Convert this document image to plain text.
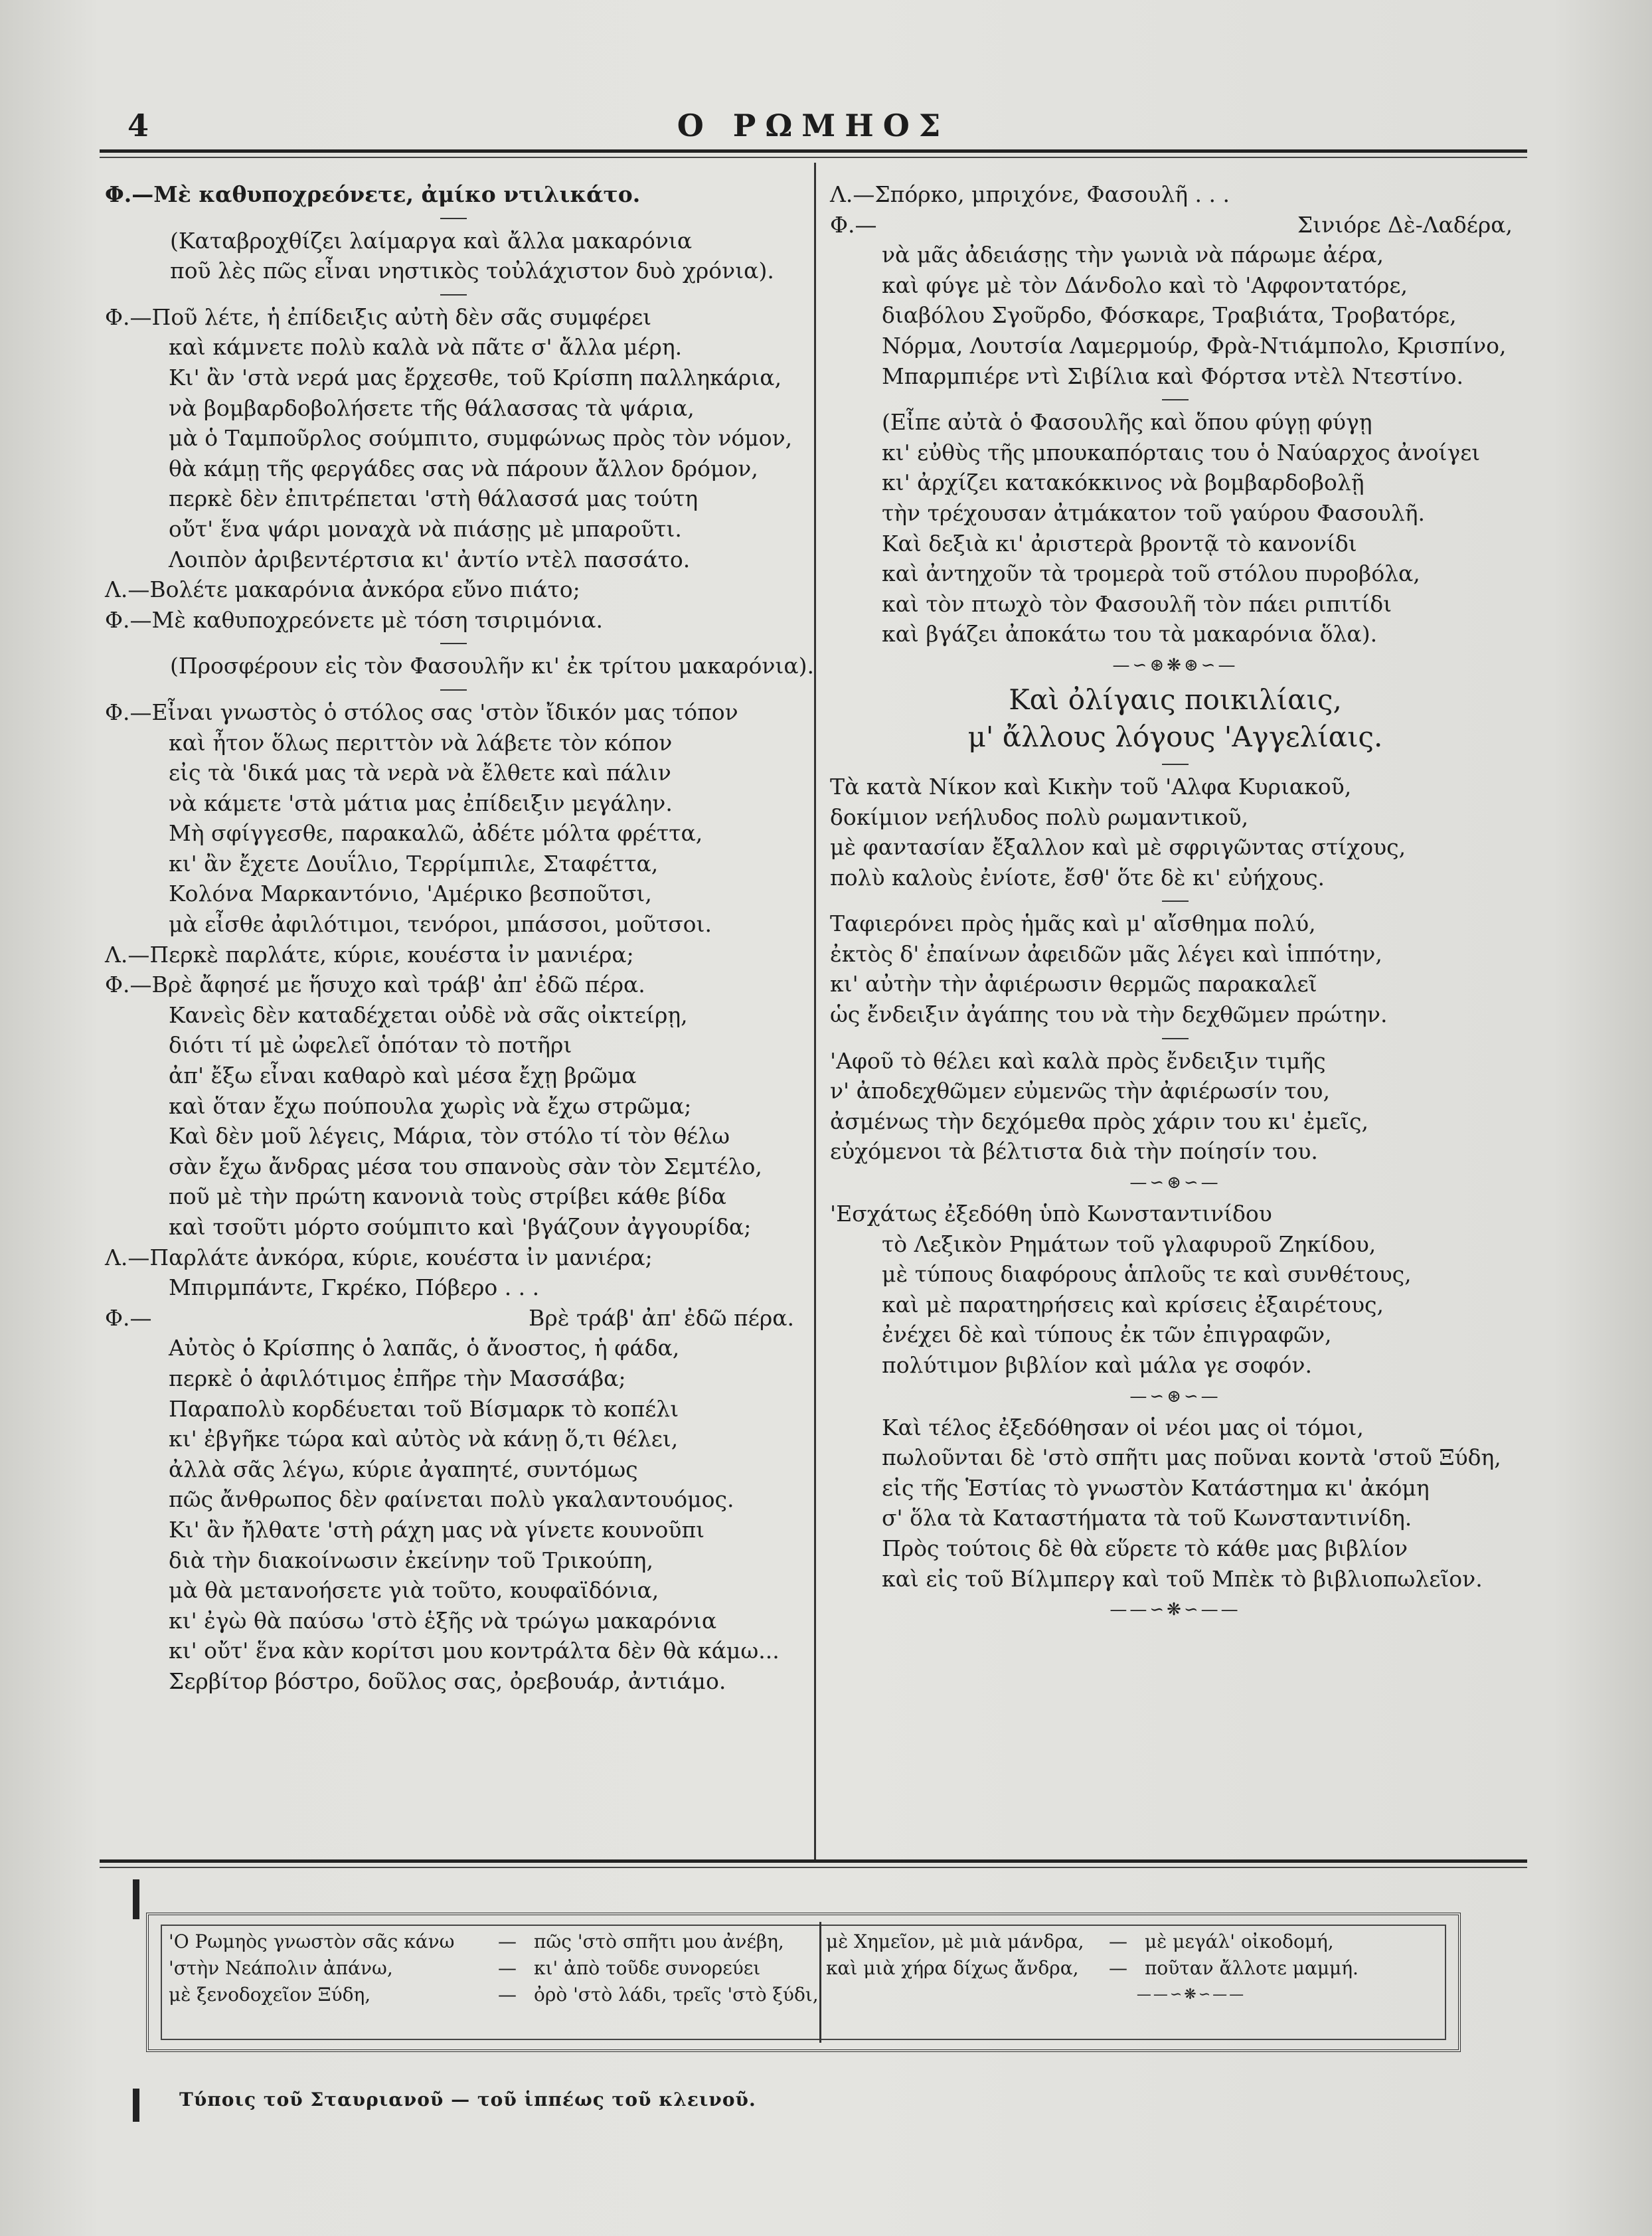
4	Ο ΡΩΜΗΟΣ
Φ.—Μὲ καθυποχρεόνετε, ἀμίκο ντιλικάτο.
(Καταβροχθίζει λαίμαργα καὶ ἄλλα μακαρόνια
ποῦ λὲς πῶς εἶναι νηστικὸς τοὐλάχιστον δυὸ χρόνια).
Φ.—Ποῦ λέτε, ἡ ἐπίδειξις αὐτὴ δὲν σᾶς συμφέρει
καὶ κάμνετε πολὺ καλὰ νὰ πᾶτε σ' ἄλλα μέρη.
Κι' ἂν 'στὰ νερά μας ἔρχεσθε, τοῦ Κρίσπη παλληκάρια,
νὰ βομβαρδοβολήσετε τῆς θάλασσας τὰ ψάρια,
μὰ ὁ Ταμποῦρλος σούμπιτο, συμφώνως πρὸς τὸν νόμον,
θὰ κάμῃ τῆς φεργάδες σας νὰ πάρουν ἄλλον δρόμον,
περκὲ δὲν ἐπιτρέπεται 'στὴ θάλασσά μας τούτη
οὔτ' ἕνα ψάρι μοναχὰ νὰ πιάσῃς μὲ μπαροῦτι.
Λοιπὸν ἀριβεντέρτσια κι' ἀντίο ντὲλ πασσάτο.
Λ.—Βολέτε μακαρόνια ἀνκόρα εὔνο πιάτο;
Φ.—Μὲ καθυποχρεόνετε μὲ τόση τσιριμόνια.
(Προσφέρουν εἰς τὸν Φασουλῆν κι' ἐκ τρίτου μακαρόνια).
Φ.—Εἶναι γνωστὸς ὁ στόλος σας 'στὸν ἴδικόν μας τόπον
καὶ ἦτον ὅλως περιττὸν νὰ λάβετε τὸν κόπον
εἰς τὰ 'δικά μας τὰ νερὰ νὰ ἔλθετε καὶ πάλιν
νὰ κάμετε 'στὰ μάτια μας ἐπίδειξιν μεγάλην.
Μὴ σφίγγεσθε, παρακαλῶ, ἀδέτε μόλτα φρέττα,
κι' ἂν ἔχετε Δουΐλιο, Τερρίμπιλε, Σταφέττα,
Κολόνα Μαρκαντόνιο, 'Αμέρικο βεσποῦτσι,
μὰ εἶσθε ἀφιλότιμοι, τενόροι, μπάσσοι, μοῦτσοι.
Λ.—Περκὲ παρλάτε, κύριε, κουέστα ἰν μανιέρα;
Φ.—Βρὲ ἄφησέ με ἥσυχο καὶ τράβ' ἀπ' ἐδῶ πέρα.
Κανεὶς δὲν καταδέχεται οὐδὲ νὰ σᾶς οἰκτείρῃ,
διότι τί μὲ ὠφελεῖ ὁπόταν τὸ ποτῆρι
ἀπ' ἔξω εἶναι καθαρὸ καὶ μέσα ἔχῃ βρῶμα
καὶ ὅταν ἔχω πούπουλα χωρὶς νὰ ἔχω στρῶμα;
Καὶ δὲν μοῦ λέγεις, Μάρια, τὸν στόλο τί τὸν θέλω
σὰν ἔχω ἄνδρας μέσα του σπανοὺς σὰν τὸν Σεμτέλο,
ποῦ μὲ τὴν πρώτη κανονιὰ τοὺς στρίβει κάθε βίδα
καὶ τσοῦτι μόρτο σούμπιτο καὶ 'βγάζουν ἀγγουρίδα;
Λ.—Παρλάτε ἀνκόρα, κύριε, κουέστα ἰν μανιέρα;
Μπιρμπάντε, Γκρέκο, Πόβερο . . .
Φ.—	Βρὲ τράβ' ἀπ' ἐδῶ πέρα.
Αὐτὸς ὁ Κρίσπης ὁ λαπᾶς, ὁ ἄνοστος, ἡ φάδα,
περκὲ ὁ ἀφιλότιμος ἐπῆρε τὴν Μασσάβα;
Παραπολὺ κορδέυεται τοῦ Βίσμαρκ τὸ κοπέλι
κι' ἐβγῆκε τώρα καὶ αὐτὸς νὰ κάνῃ ὅ,τι θέλει,
ἀλλὰ σᾶς λέγω, κύριε ἀγαπητέ, συντόμως
πῶς ἄνθρωπος δὲν φαίνεται πολὺ γκαλαντουόμος.
Κι' ἂν ἤλθατε 'στὴ ράχη μας νὰ γίνετε κουνοῦπι
διὰ τὴν διακοίνωσιν ἐκείνην τοῦ Τρικούπη,
μὰ θὰ μετανοήσετε γιὰ τοῦτο, κουφαϊδόνια,
κι' ἐγὼ θὰ παύσω 'στὸ ἑξῆς νὰ τρώγω μακαρόνια
κι' οὔτ' ἕνα κὰν κορίτσι μου κοντράλτα δὲν θὰ κάμω...
Σερβίτορ βόστρο, δοῦλος σας, ὀρεβουάρ, ἀντιάμο.
Λ.—Σπόρκο, μπριχόνε, Φασουλῆ . . .
Φ.—	Σινιόρε Δὲ-Λαδέρα,
νὰ μᾶς ἀδειάσῃς τὴν γωνιὰ νὰ πάρωμε ἀέρα,
καὶ φύγε μὲ τὸν Δάνδολο καὶ τὸ 'Αφφοντατόρε,
διαβόλου Σγοῦρδο, Φόσκαρε, Τραβιάτα, Τροβατόρε,
Νόρμα, Λουτσία Λαμερμούρ, Φρὰ-Ντιάμπολο, Κρισπίνο,
Μπαρμπιέρε ντὶ Σιβίλια καὶ Φόρτσα ντὲλ Ντεστίνο.
(Εἶπε αὐτὰ ὁ Φασουλῆς καὶ ὅπου φύγῃ φύγῃ
κι' εὐθὺς τῆς μπουκαπόρταις του ὁ Ναύαρχος ἀνοίγει
κι' ἀρχίζει κατακόκκινος νὰ βομβαρδοβολῇ
τὴν τρέχουσαν ἀτμάκατον τοῦ γαύρου Φασουλῆ.
Καὶ δεξιὰ κι' ἀριστερὰ βροντᾷ τὸ κανονίδι
καὶ ἀντηχοῦν τὰ τρομερὰ τοῦ στόλου πυροβόλα,
καὶ τὸν πτωχὸ τὸν Φασουλῆ τὸν πάει ριπιτίδι
καὶ βγάζει ἀποκάτω του τὰ μακαρόνια ὅλα).
—∽⊛❋⊛∽—
Καὶ ὀλίγαις ποικιλίαις,
μ' ἄλλους λόγους 'Αγγελίαις.
Τὰ κατὰ Νίκον καὶ Κικὴν τοῦ 'Αλφα Κυριακοῦ,
δοκίμιον νεήλυδος πολὺ ρωμαντικοῦ,
μὲ φαντασίαν ἔξαλλον καὶ μὲ σφριγῶντας στίχους,
πολὺ καλοὺς ἐνίοτε, ἔσθ' ὅτε δὲ κι' εὐήχους.
Ταφιερόνει πρὸς ἡμᾶς καὶ μ' αἴσθημα πολύ,
ἐκτὸς δ' ἐπαίνων ἀφειδῶν μᾶς λέγει καὶ ἱππότην,
κι' αὐτὴν τὴν ἀφιέρωσιν θερμῶς παρακαλεῖ
ὡς ἔνδειξιν ἀγάπης του νὰ τὴν δεχθῶμεν πρώτην.
'Αφοῦ τὸ θέλει καὶ καλὰ πρὸς ἔνδειξιν τιμῆς
ν' ἀποδεχθῶμεν εὐμενῶς τὴν ἀφιέρωσίν του,
ἀσμένως τὴν δεχόμεθα πρὸς χάριν του κι' ἐμεῖς,
εὐχόμενοι τὰ βέλτιστα διὰ τὴν ποίησίν του.
—∽⊛∽—
'Εσχάτως ἐξεδόθη ὑπὸ Κωνσταντινίδου
τὸ Λεξικὸν Ρημάτων τοῦ γλαφυροῦ Ζηκίδου,
μὲ τύπους διαφόρους ἁπλοῦς τε καὶ συνθέτους,
καὶ μὲ παρατηρήσεις καὶ κρίσεις ἐξαιρέτους,
ἐνέχει δὲ καὶ τύπους ἐκ τῶν ἐπιγραφῶν,
πολύτιμον βιβλίον καὶ μάλα γε σοφόν.
—∽⊛∽—
Καὶ τέλος ἐξεδόθησαν οἱ νέοι μας οἱ τόμοι,
πωλοῦνται δὲ 'στὸ σπῆτι μας ποῦναι κοντὰ 'στοῦ Ξύδη,
εἰς τῆς Ἑστίας τὸ γνωστὸν Κατάστημα κι' ἀκόμη
σ' ὅλα τὰ Καταστήματα τὰ τοῦ Κωνσταντινίδη.
Πρὸς τούτοις δὲ θὰ εὕρετε τὸ κάθε μας βιβλίον
καὶ εἰς τοῦ Βίλμπεργ καὶ τοῦ Μπὲκ τὸ βιβλιοπωλεῖον.
——∽❋∽——
'Ο Ρωμηὸς γνωστὸν σᾶς κάνω — πῶς 'στὸ σπῆτι μου ἀνέβη,
'στὴν Νεάπολιν ἀπάνω,	— κι' ἀπὸ τοῦδε συνορεύει
μὲ ξενοδοχεῖον Ξύδη,	— ὀρὸ 'στὸ λάδι, τρεῖς 'στὸ ξύδι,
μὲ Χημεῖον, μὲ μιὰ μάνδρα, — μὲ μεγάλ' οἰκοδομή,
καὶ μιὰ χήρα δίχως ἄνδρα, — ποῦταν ἄλλοτε μαμμή.
——∽❋∽——
Τύποις τοῦ Σταυριανοῦ — τοῦ ἱππέως τοῦ κλεινοῦ.
